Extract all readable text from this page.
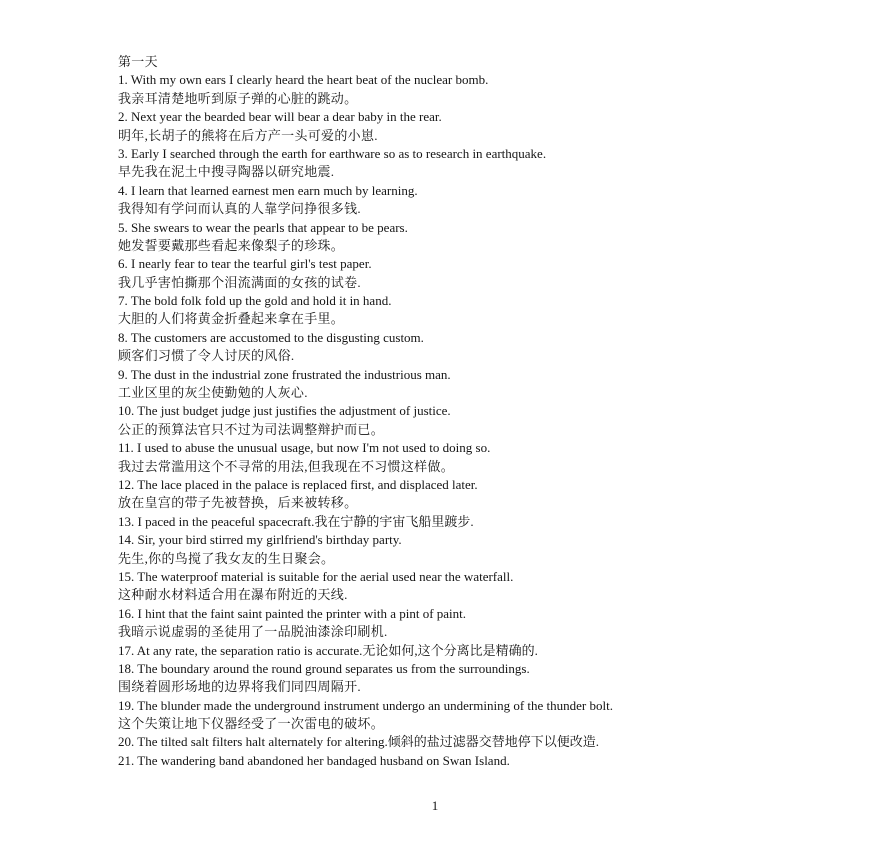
第一天
1. With my own ears I clearly heard the heart beat of the nuclear bomb.
我亲耳清楚地听到原子弹的心脏的跳动。
2. Next year the bearded bear will bear a dear baby in the rear.
明年,长胡子的熊将在后方产一头可爱的小崽.
3. Early I searched through the earth for earthware so as to research in earthquake.
早先我在泥土中搜寻陶器以研究地震.
4. I learn that learned earnest men earn much by learning.
我得知有学问而认真的人靠学问挣很多钱.
5. She swears to wear the pearls that appear to be pears.
她发誓要戴那些看起来像梨子的珍珠。
6. I nearly fear to tear the tearful girl's test paper.
我几乎害怕撕那个泪流满面的女孩的试卷.
7. The bold folk fold up the gold and hold it in hand.
大胆的人们将黄金折叠起来拿在手里。
8. The customers are accustomed to the disgusting custom.
顾客们习惯了令人讨厌的风俗.
9. The dust in the industrial zone frustrated the industrious man.
工业区里的灰尘使勤勉的人灰心.
10. The just budget judge just justifies the adjustment of justice.
公正的预算法官只不过为司法调整辩护而已。
11. I used to abuse the unusual usage, but now I'm not used to doing so.
我过去常滥用这个不寻常的用法,但我现在不习惯这样做。
12. The lace placed in the palace is replaced first, and displaced later.
放在皇宫的带子先被替换，后来被转移。
13. I paced in the peaceful spacecraft.我在宁静的宇宙飞船里踱步.
14. Sir, your bird stirred my girlfriend's birthday party.
先生,你的鸟搅了我女友的生日聚会。
15. The waterproof material is suitable for the aerial used near the waterfall.
这种耐水材料适合用在瀑布附近的天线.
16. I hint that the faint saint painted the printer with a pint of paint.
我暗示说虚弱的圣徒用了一品脱油漆涂印刷机.
17. At any rate, the separation ratio is accurate.无论如何,这个分离比是精确的.
18. The boundary around the round ground separates us from the surroundings.
围绕着圆形场地的边界将我们同四周隔开.
19. The blunder made the underground instrument undergo an undermining of the thunder bolt.
这个失策让地下仪器经受了一次雷电的破坏。
20. The tilted salt filters halt alternately for altering.倾斜的盐过滤器交替地停下以便改造.
21. The wandering band abandoned her bandaged husband on Swan Island.
1
